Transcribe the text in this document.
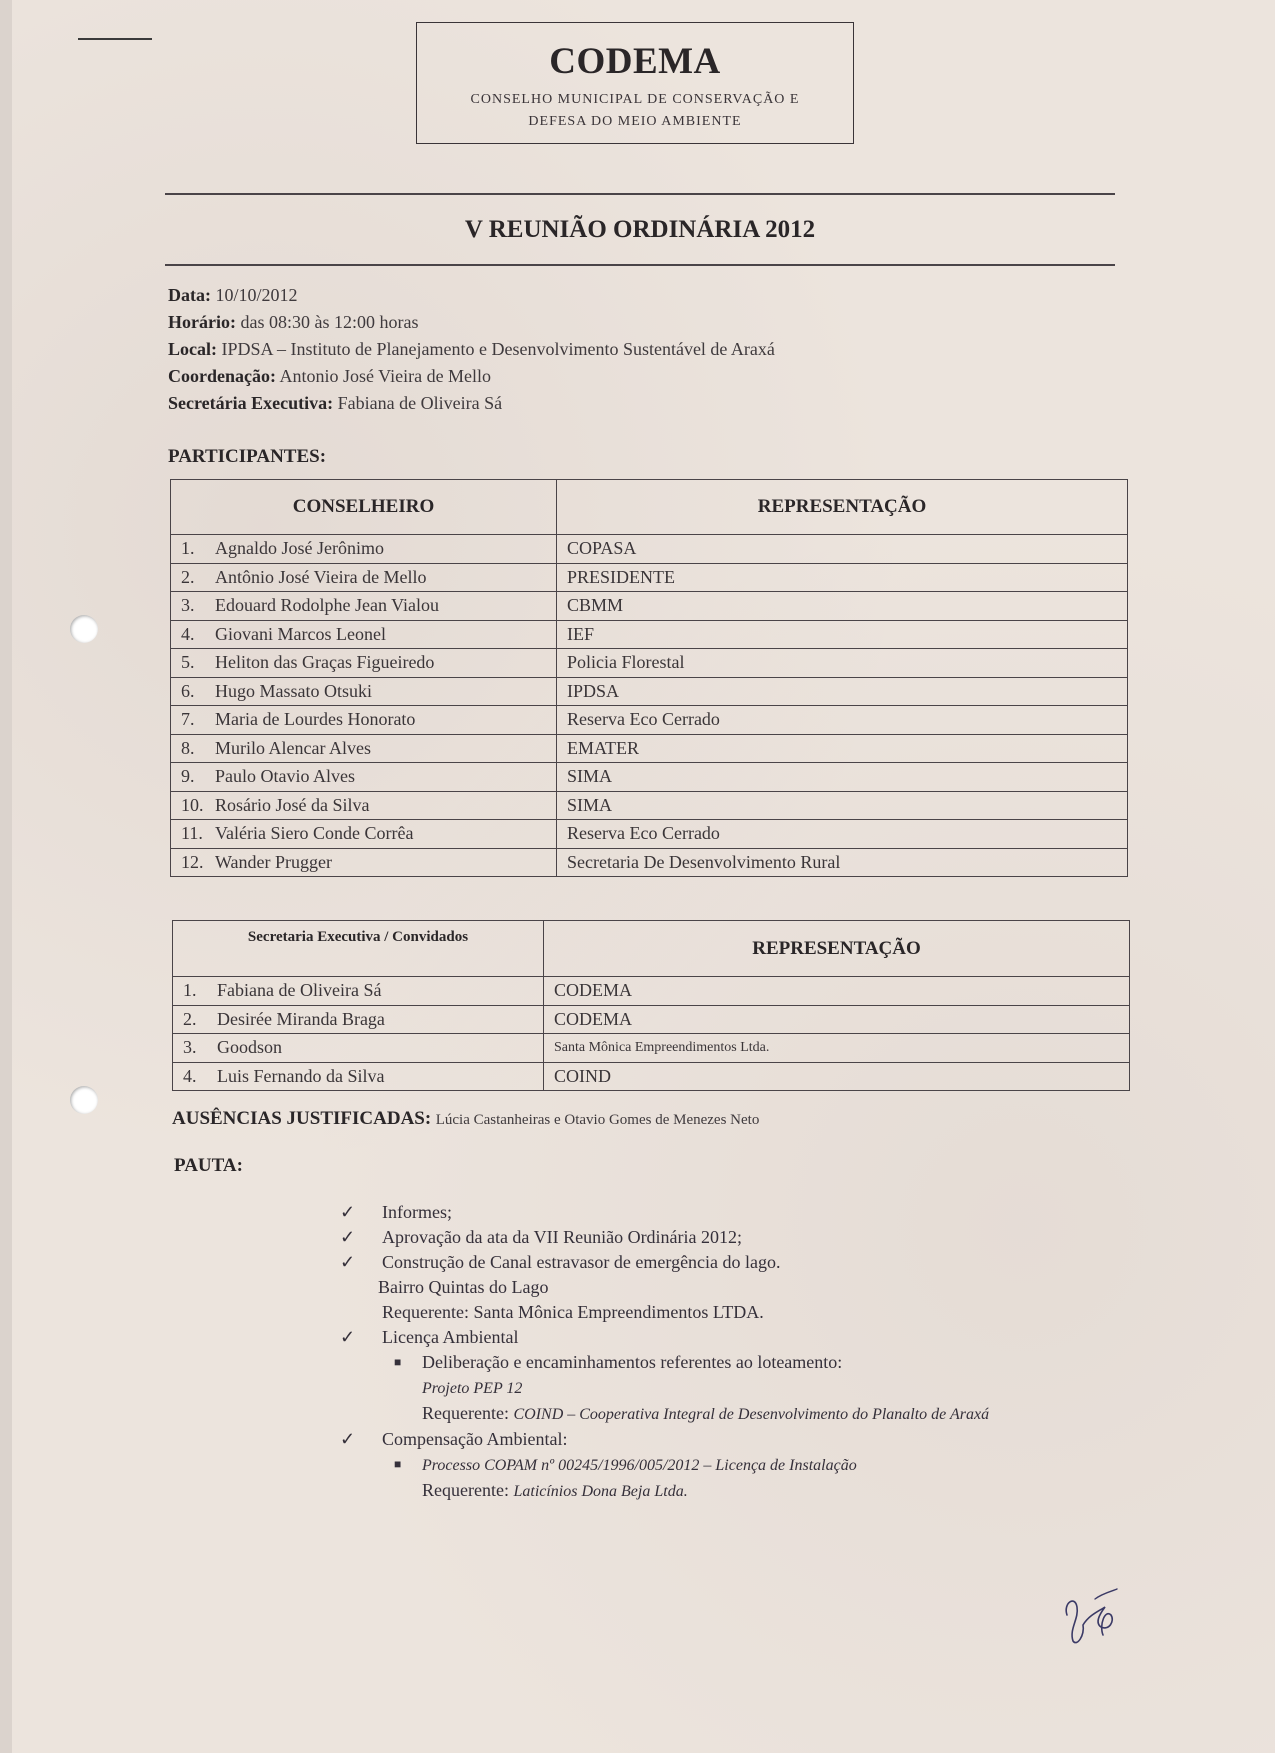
CODEMA
CONSELHO MUNICIPAL DE CONSERVAÇÃO E
DEFESA DO MEIO AMBIENTE
V REUNIÃO ORDINÁRIA 2012
Data: 10/10/2012
Horário: das 08:30 às 12:00 horas
Local: IPDSA – Instituto de Planejamento e Desenvolvimento Sustentável de Araxá
Coordenação: Antonio José Vieira de Mello
Secretária Executiva: Fabiana de Oliveira Sá
PARTICIPANTES:
CONSELHEIRO	REPRESENTAÇÃO
1. Agnaldo José Jerônimo	COPASA
2. Antônio José Vieira de Mello	PRESIDENTE
3. Edouard Rodolphe Jean Vialou	CBMM
4. Giovani Marcos Leonel	IEF
5. Heliton das Graças Figueiredo	Policia Florestal
6. Hugo Massato Otsuki	IPDSA
7. Maria de Lourdes Honorato	Reserva Eco Cerrado
8. Murilo Alencar Alves	EMATER
9. Paulo Otavio Alves	SIMA
10. Rosário José da Silva	SIMA
11. Valéria Siero Conde Corrêa	Reserva Eco Cerrado
12. Wander Prugger	Secretaria De Desenvolvimento Rural
Secretaria Executiva / Convidados	REPRESENTAÇÃO
1. Fabiana de Oliveira Sá	CODEMA
2. Desirée Miranda Braga	CODEMA
3. Goodson	Santa Mônica Empreendimentos Ltda.
4. Luis Fernando da Silva	COIND
AUSÊNCIAS JUSTIFICADAS: Lúcia Castanheiras e Otavio Gomes de Menezes Neto
PAUTA:
✓ Informes;
✓ Aprovação da ata da VII Reunião Ordinária 2012;
✓ Construção de Canal estravasor de emergência do lago.
Bairro Quintas do Lago
Requerente: Santa Mônica Empreendimentos LTDA.
✓ Licença Ambiental
■ Deliberação e encaminhamentos referentes ao loteamento:
Projeto PEP 12
Requerente: COIND – Cooperativa Integral de Desenvolvimento do Planalto de Araxá
✓ Compensação Ambiental:
■ Processo COPAM nº 00245/1996/005/2012 – Licença de Instalação
Requerente: Laticínios Dona Beja Ltda.
